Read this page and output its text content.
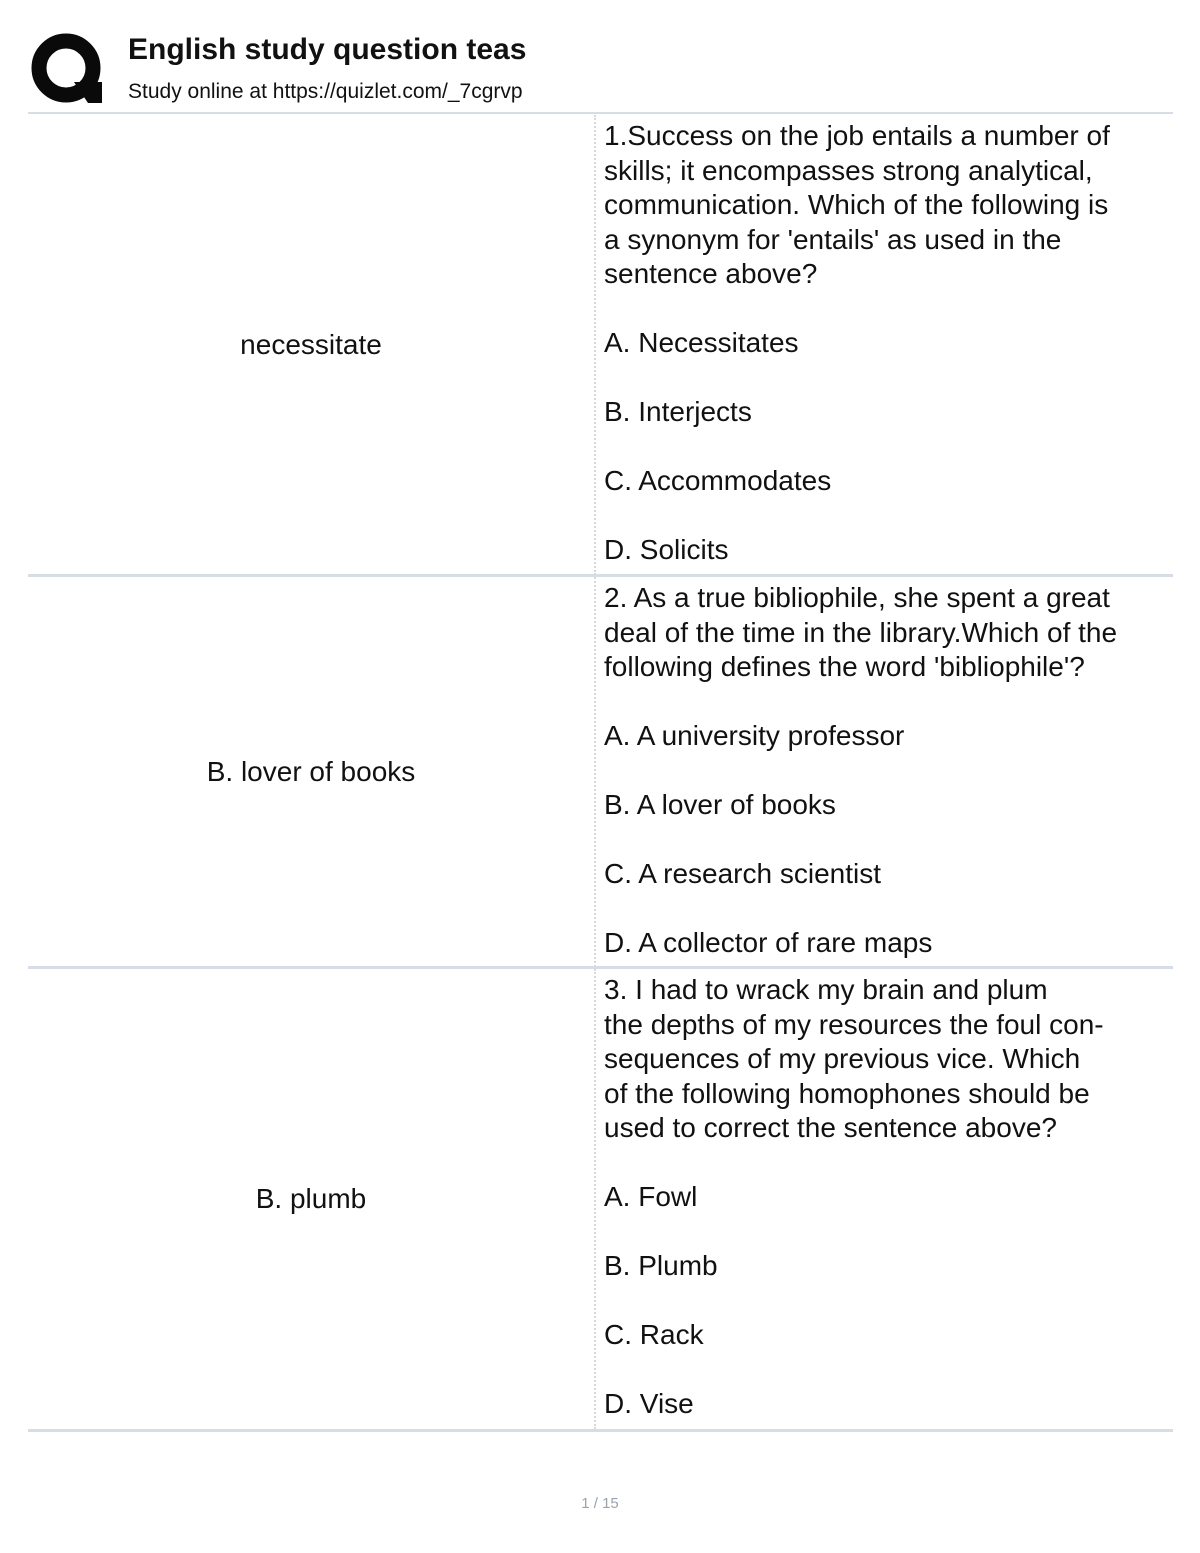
English study question teas
Study online at https://quizlet.com/_7cgrvp
necessitate

1.Success on the job entails a number of

skills; it encompasses strong analytical,

communication. Which of the following is

a synonym for 'entails' as used in the

sentence above?

A. Necessitates

B. Interjects

C. Accommodates

D. Solicits

B. lover of books

2. As a true bibliophile, she spent a great

deal of the time in the library.Which of the

following defines the word 'bibliophile'?

A. A university professor

B. A lover of books

C. A research scientist

D. A collector of rare maps

B. plumb

3. I had to wrack my brain and plum

the depths of my resources the foul con-

sequences of my previous vice. Which

of the following homophones should be

used to correct the sentence above?

A. Fowl

B. Plumb

C. Rack

D. Vise

1 / 15
